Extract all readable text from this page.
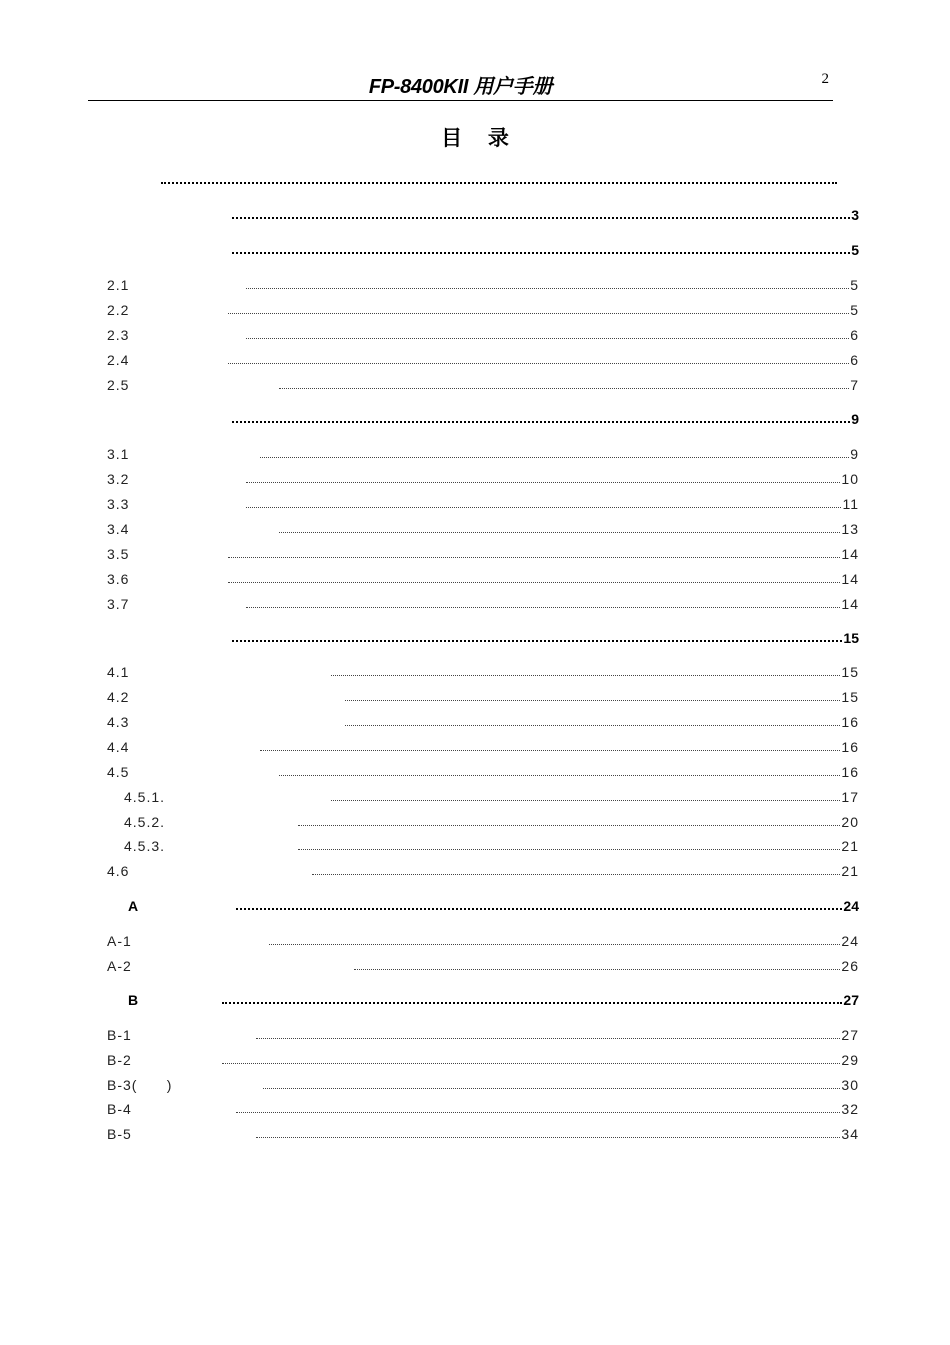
FP-8400KII 用户手册	2
目 录
3
5
2.1	5
2.2	5
2.3	6
2.4	6
2.5	7
9
3.1	9
3.2	10
3.3	11
3.4	13
3.5	14
3.6	14
3.7	14
15
4.1	15
4.2	15
4.3	16
4.4	16
4.5	16
4.5.1.	17
4.5.2.	20
4.5.3.	21
4.6	21
A	24
A-1	24
A-2	26
B	27
B-1	27
B-2	29
B-3 (      )	30
B-4	32
B-5	34
